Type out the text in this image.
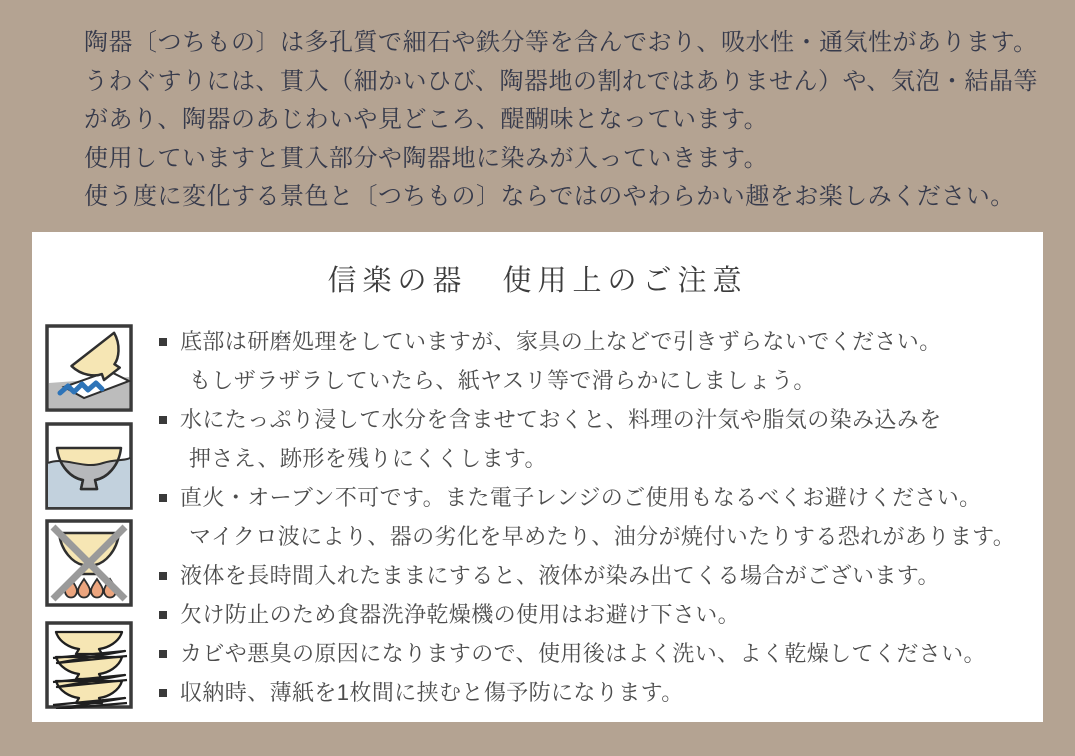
陶器〔つちもの〕は多孔質で細石や鉄分等を含んでおり、吸水性・通気性があります。
うわぐすりには、貫入（細かいひび、陶器地の割れではありません）や、気泡・結晶等
があり、陶器のあじわいや見どころ、醍醐味となっています。
使用していますと貫入部分や陶器地に染みが入っていきます。
使う度に変化する景色と〔つちもの〕ならではのやわらかい趣をお楽しみください。
信楽の器　使用上のご注意
底部は研磨処理をしていますが、家具の上などで引きずらないでください。
もしザラザラしていたら、紙ヤスリ等で滑らかにしましょう。
水にたっぷり浸して水分を含ませておくと、料理の汁気や脂気の染み込みを
押さえ、跡形を残りにくくします。
直火・オーブン不可です。また電子レンジのご使用もなるべくお避けください。
マイクロ波により、器の劣化を早めたり、油分が焼付いたりする恐れがあります。
液体を長時間入れたままにすると、液体が染み出てくる場合がございます。
欠け防止のため食器洗浄乾燥機の使用はお避け下さい。
カビや悪臭の原因になりますので、使用後はよく洗い、よく乾燥してください。
収納時、薄紙を1枚間に挟むと傷予防になります。
